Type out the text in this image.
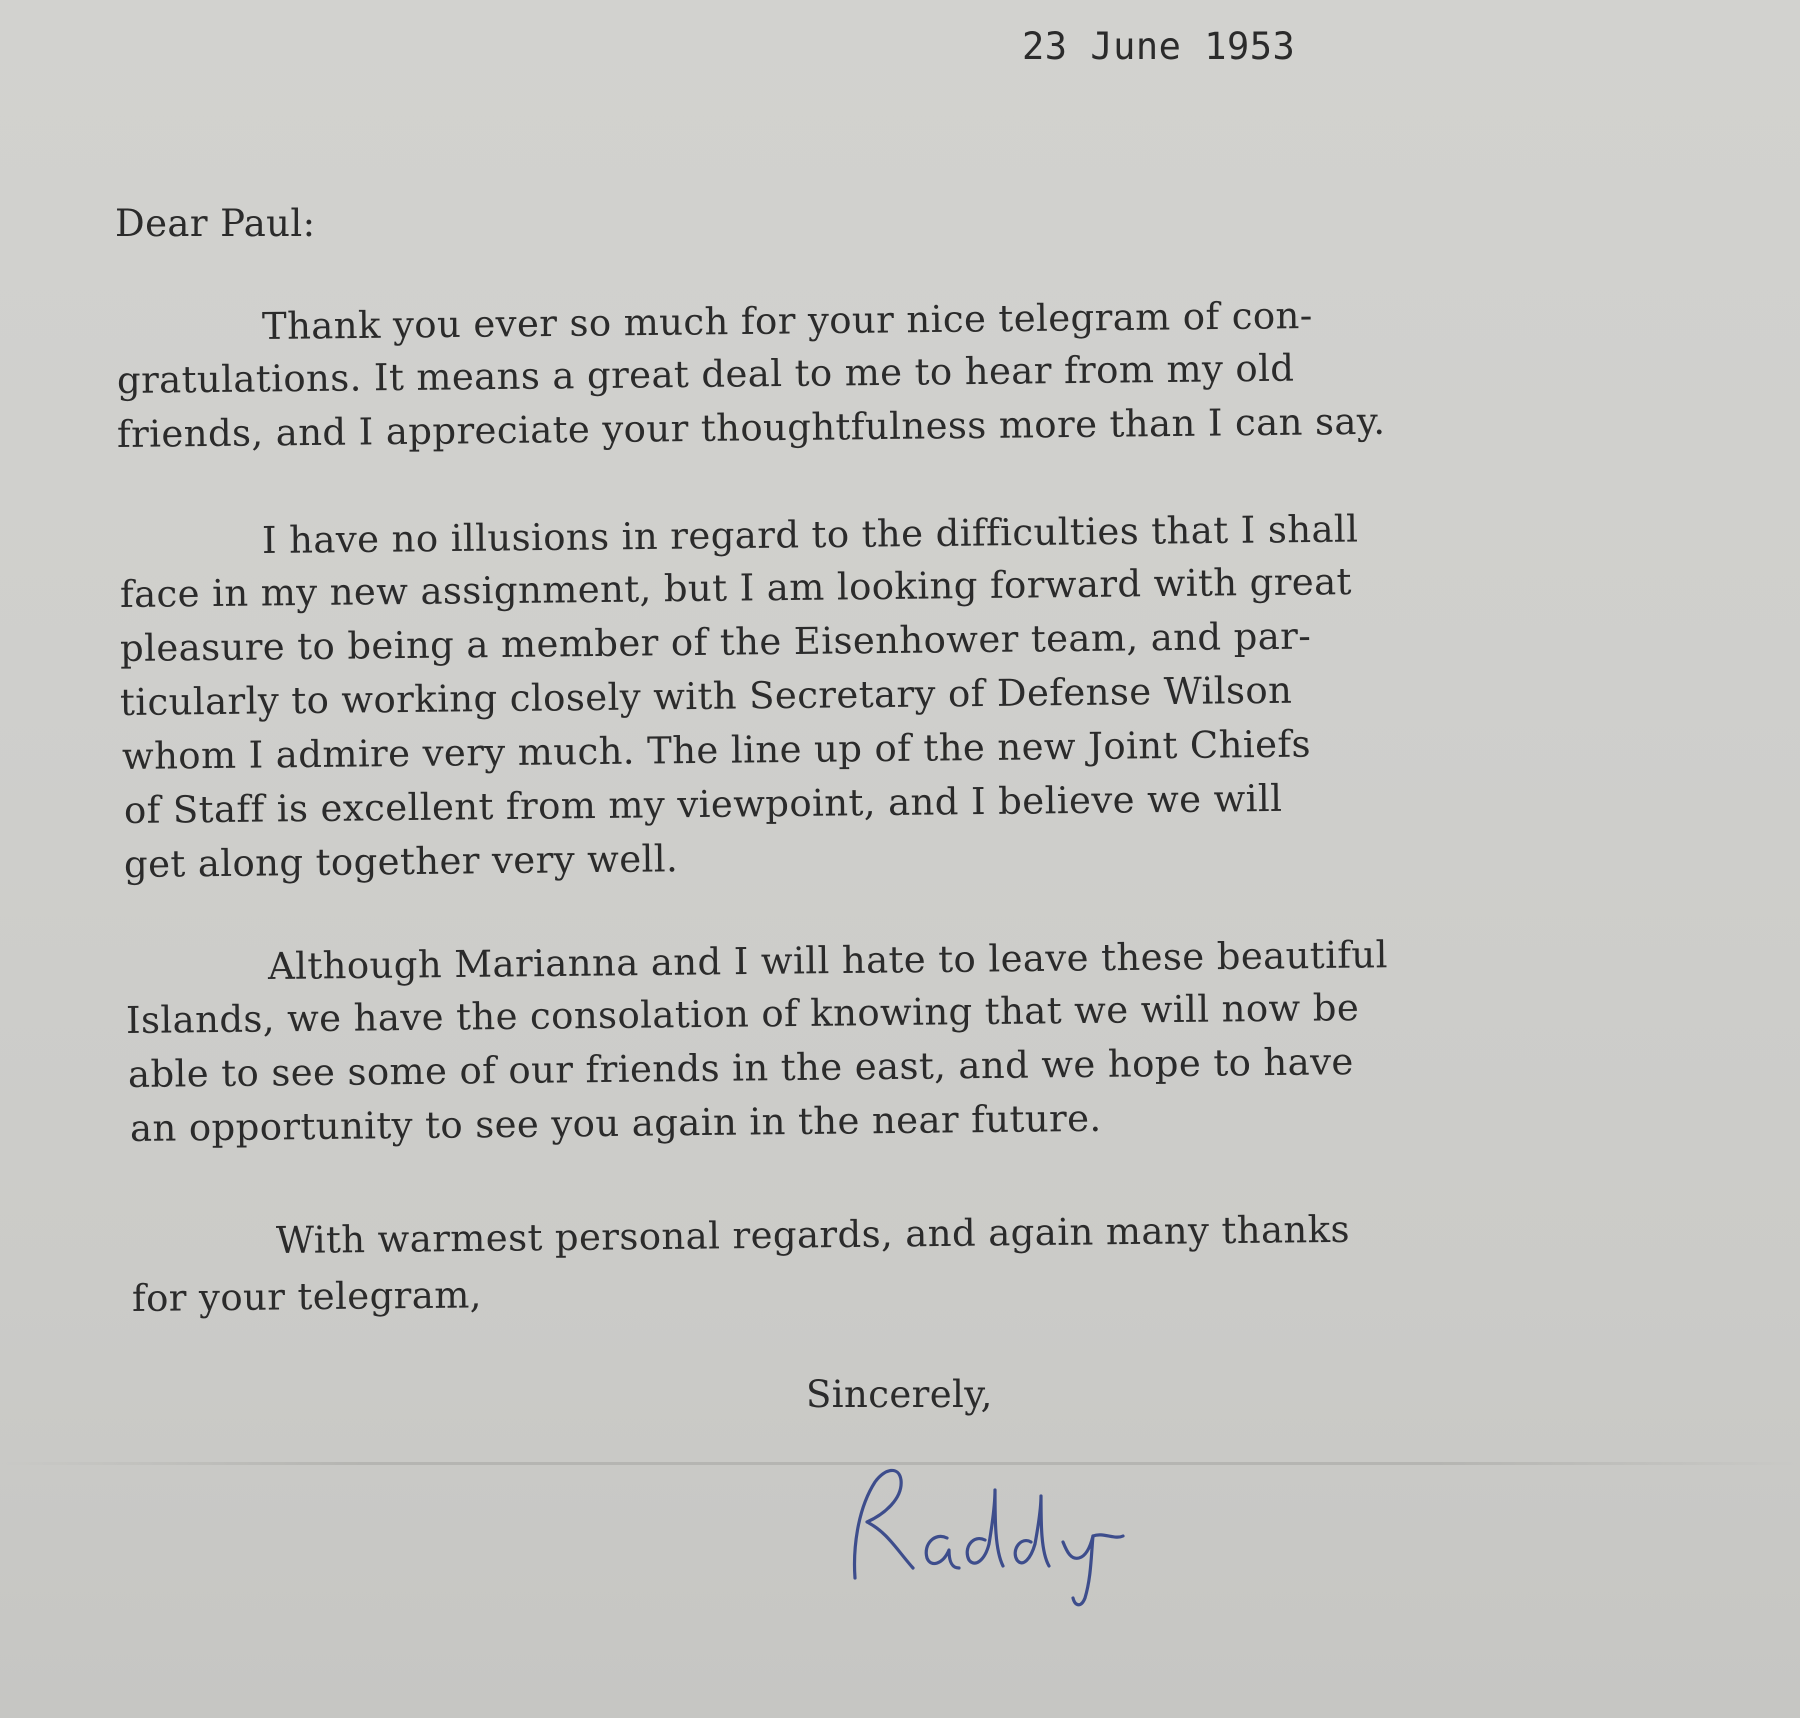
23 June 1953
Dear Paul:
Thank you ever so much for your nice telegram of con-
gratulations. It means a great deal to me to hear from my old
friends, and I appreciate your thoughtfulness more than I can say.
I have no illusions in regard to the difficulties that I shall
face in my new assignment, but I am looking forward with great
pleasure to being a member of the Eisenhower team, and par-
ticularly to working closely with Secretary of Defense Wilson
whom I admire very much. The line up of the new Joint Chiefs
of Staff is excellent from my viewpoint, and I believe we will
get along together very well.
Although Marianna and I will hate to leave these beautiful
Islands, we have the consolation of knowing that we will now be
able to see some of our friends in the east, and we hope to have
an opportunity to see you again in the near future.
With warmest personal regards, and again many thanks
for your telegram,
Sincerely,
